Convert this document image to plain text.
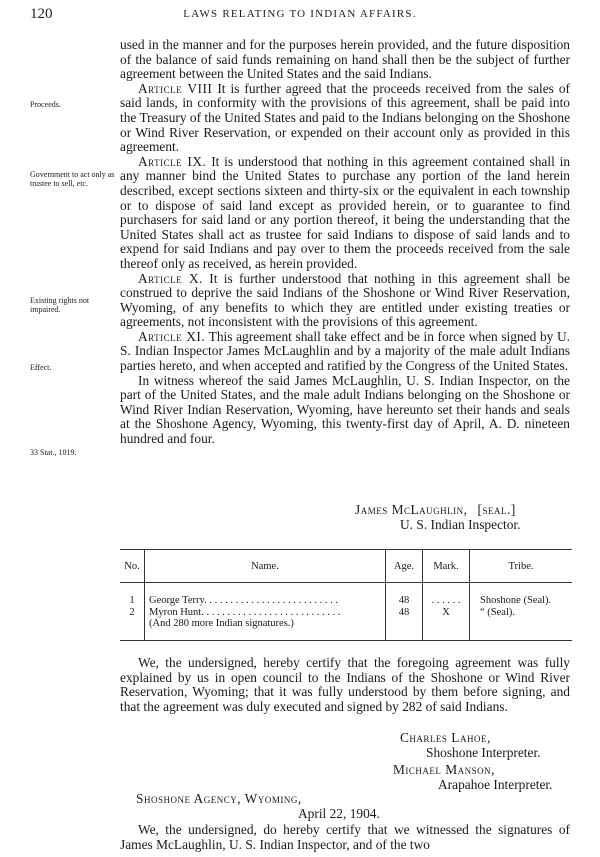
120	LAWS RELATING TO INDIAN AFFAIRS.
Proceeds.
Government to act only as trustee to sell, etc.
Existing rights not impaired.
Effect.
33 Stat., 1019.

used in the manner and for the purposes herein provided, and the future disposition of the balance of said funds remaining on hand shall then be the subject of further agreement between the United States and the said Indians.

Article VIII It is further agreed that the proceeds received from the sales of said lands, in conformity with the provisions of this agreement, shall be paid into the Treasury of the United States and paid to the Indians belonging on the Shoshone or Wind River Reservation, or expended on their account only as provided in this agreement.

Article IX. It is understood that nothing in this agreement contained shall in any manner bind the United States to purchase any portion of the land herein described, except sections sixteen and thirty-six or the equivalent in each township or to dispose of said land except as provided herein, or to guarantee to find purchasers for said land or any portion thereof, it being the understanding that the United States shall act as trustee for said Indians to dispose of said lands and to expend for said Indians and pay over to them the proceeds received from the sale thereof only as received, as herein provided.

Article X. It is further understood that nothing in this agreement shall be construed to deprive the said Indians of the Shoshone or Wind River Reservation, Wyoming, of any benefits to which they are entitled under existing treaties or agreements, not inconsistent with the provisions of this agreement.

Article XI. This agreement shall take effect and be in force when signed by U. S. Indian Inspector James McLaughlin and by a majority of the male adult Indians parties hereto, and when accepted and ratified by the Congress of the United States.

In witness whereof the said James McLaughlin, U. S. Indian Inspector, on the part of the United States, and the male adult Indians belonging on the Shoshone or Wind River Indian Reservation, Wyoming, have hereunto set their hands and seals at the Shoshone Agency, Wyoming, this twenty-first day of April, A. D. nineteen hundred and four.

James McLaughlin, [seal.]
U. S. Indian Inspector.
No.	Name.	Age.	Mark.	Tribe.

1	George Terry. . . . . . . . . . . . . . . . . . . . . . . . . .	48	. . . . . .	Shoshone (Seal).
2	Myron Hunt. . . . . . . . . . . . . . . . . . . . . . . . . . .	48	X	“ (Seal).
	(And 280 more Indian signatures.)			

We, the undersigned, hereby certify that the foregoing agreement was fully explained by us in open council to the Indians of the Shoshone or Wind River Reservation, Wyoming; that it was fully understood by them before signing, and that the agreement was duly executed and signed by 282 of said Indians.

Charles Lahoe,
Shoshone Interpreter.
Michael Manson,
Arapahoe Interpreter.
Shoshone Agency, Wyoming,
April 22, 1904.

We, the undersigned, do hereby certify that we witnessed the signatures of James McLaughlin, U. S. Indian Inspector, and of the two
